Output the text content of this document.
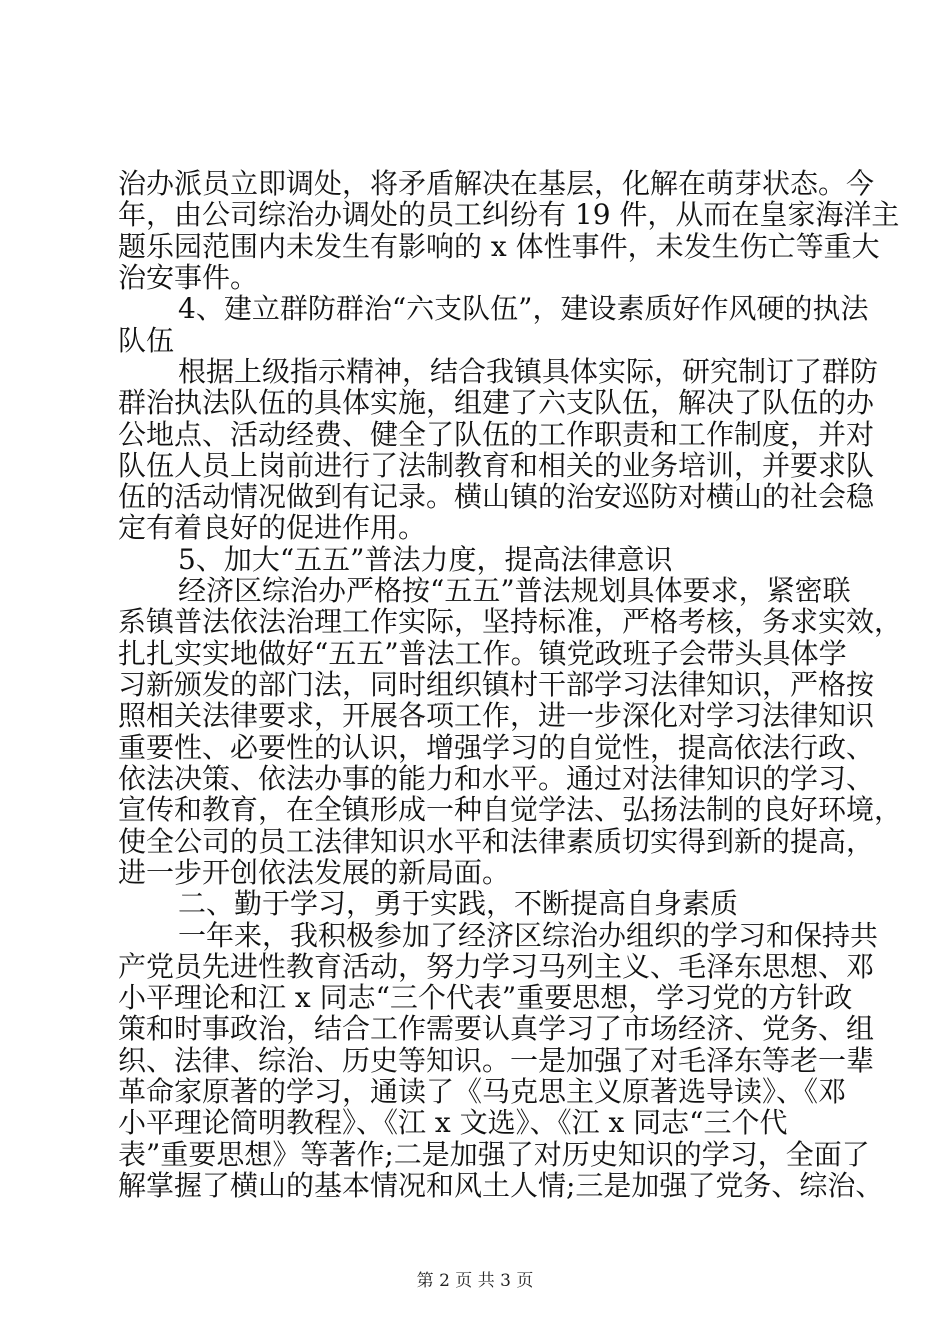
治办派员立即调处，将矛盾解决在基层，化解在萌芽状态。今
年，由公司综治办调处的员工纠纷有 19 件，从而在皇家海洋主
题乐园范围内未发生有影响的 x 体性事件，未发生伤亡等重大
治安事件。
4、建立群防群治“六支队伍”，建设素质好作风硬的执法
队伍
根据上级指示精神，结合我镇具体实际，研究制订了群防
群治执法队伍的具体实施，组建了六支队伍，解决了队伍的办
公地点、活动经费、健全了队伍的工作职责和工作制度，并对
队伍人员上岗前进行了法制教育和相关的业务培训，并要求队
伍的活动情况做到有记录。横山镇的治安巡防对横山的社会稳
定有着良好的促进作用。
5、加大“五五”普法力度，提高法律意识
经济区综治办严格按“五五”普法规划具体要求，紧密联
系镇普法依法治理工作实际，坚持标准，严格考核，务求实效，
扎扎实实地做好“五五”普法工作。镇党政班子会带头具体学
习新颁发的部门法，同时组织镇村干部学习法律知识，严格按
照相关法律要求，开展各项工作，进一步深化对学习法律知识
重要性、必要性的认识，增强学习的自觉性，提高依法行政、
依法决策、依法办事的能力和水平。通过对法律知识的学习、
宣传和教育，在全镇形成一种自觉学法、弘扬法制的良好环境，
使全公司的员工法律知识水平和法律素质切实得到新的提高，
进一步开创依法发展的新局面。
二、勤于学习，勇于实践，不断提高自身素质
一年来，我积极参加了经济区综治办组织的学习和保持共
产党员先进性教育活动，努力学习马列主义、毛泽东思想、邓
小平理论和江 x 同志“三个代表”重要思想，学习党的方针政
策和时事政治，结合工作需要认真学习了市场经济、党务、组
织、法律、综治、历史等知识。一是加强了对毛泽东等老一辈
革命家原著的学习，通读了《马克思主义原著选导读》、《邓
小平理论简明教程》、《江 x 文选》、《江 x 同志“三个代
表”重要思想》等著作;二是加强了对历史知识的学习，全面了
解掌握了横山的基本情况和风土人情;三是加强了党务、综治、
第 2 页 共 3 页
